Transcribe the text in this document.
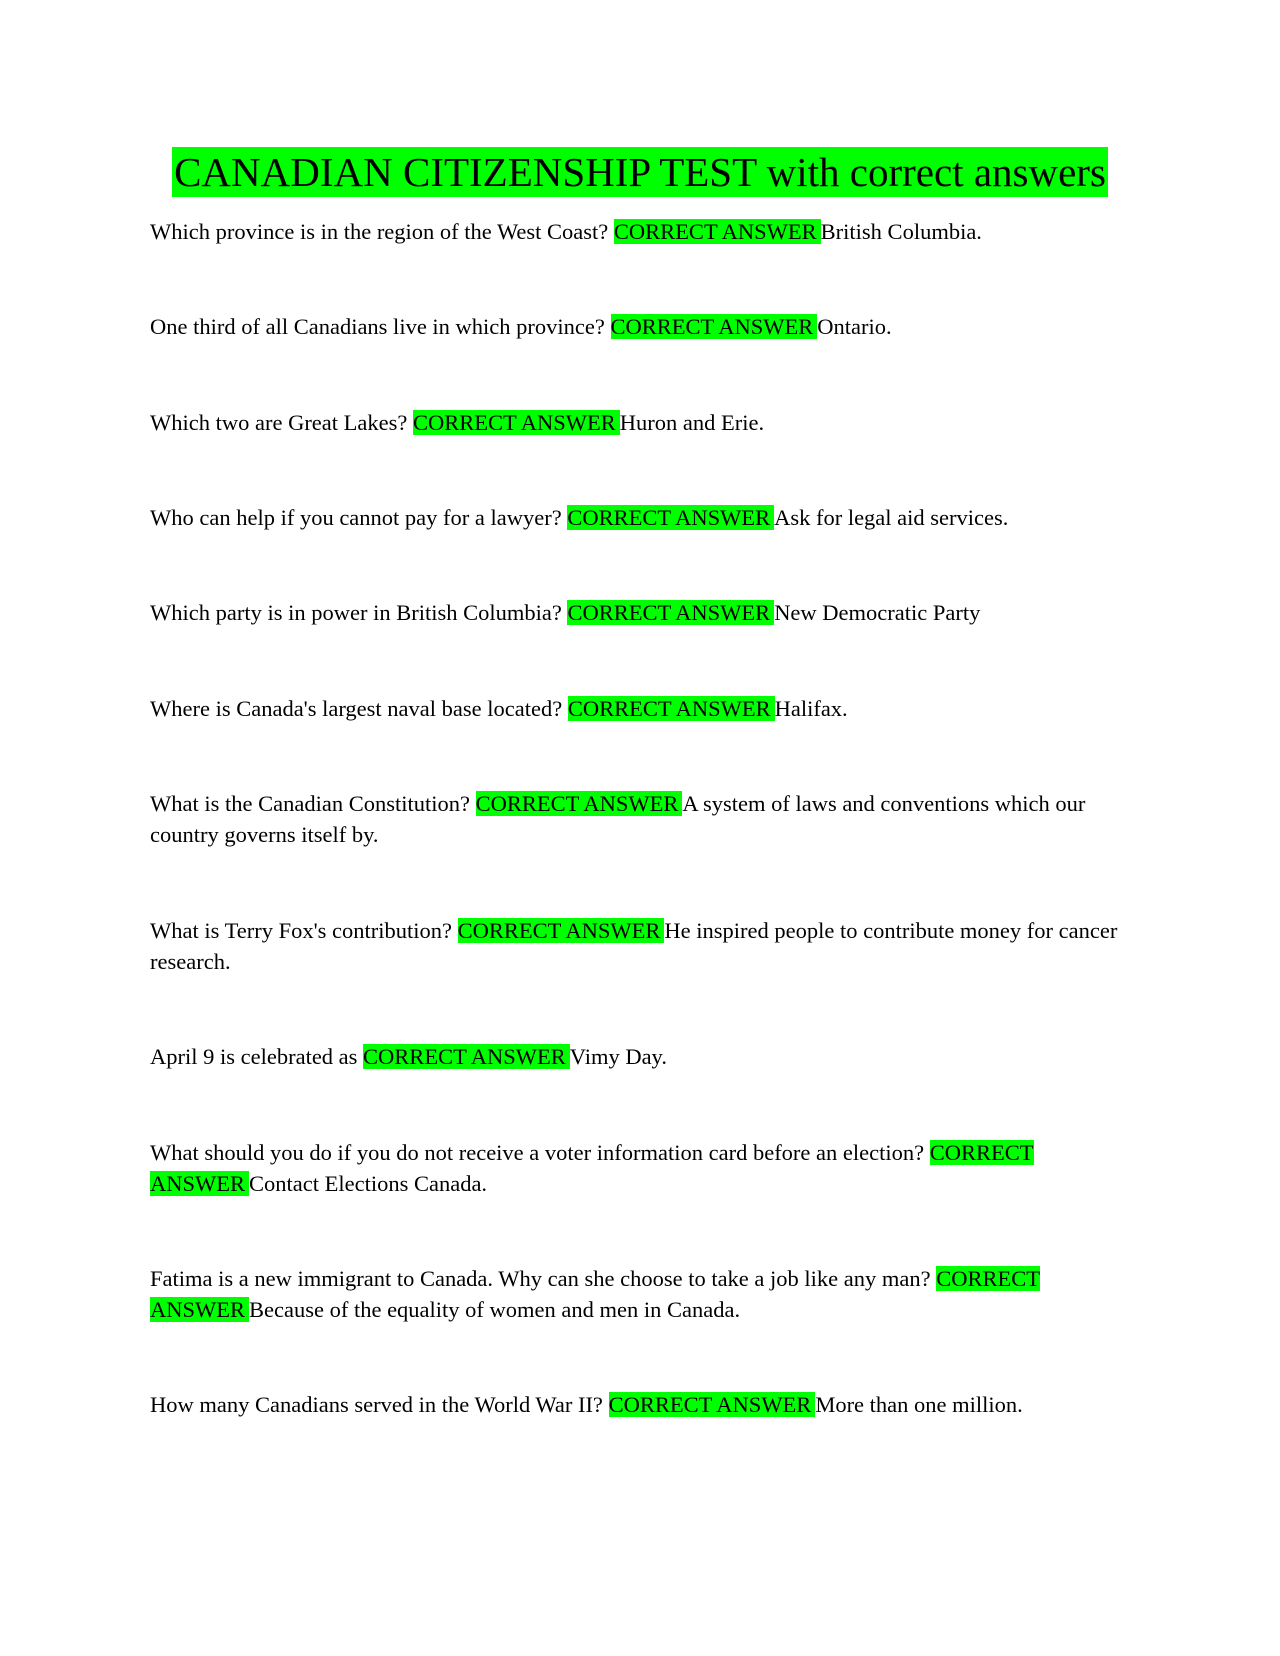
CANADIAN CITIZENSHIP TEST with correct answers

Which province is in the region of the West Coast? CORRECT ANSWER British Columbia.

One third of all Canadians live in which province? CORRECT ANSWER Ontario.

Which two are Great Lakes? CORRECT ANSWER Huron and Erie.

Who can help if you cannot pay for a lawyer? CORRECT ANSWER Ask for legal aid services.

Which party is in power in British Columbia? CORRECT ANSWER New Democratic Party

Where is Canada's largest naval base located? CORRECT ANSWER Halifax.

What is the Canadian Constitution? CORRECT ANSWER A system of laws and conventions which our country governs itself by.

What is Terry Fox's contribution? CORRECT ANSWER He inspired people to contribute money for cancer research.

April 9 is celebrated as CORRECT ANSWER Vimy Day.

What should you do if you do not receive a voter information card before an election? CORRECT ANSWER Contact Elections Canada.

Fatima is a new immigrant to Canada. Why can she choose to take a job like any man? CORRECT ANSWER Because of the equality of women and men in Canada.

How many Canadians served in the World War II? CORRECT ANSWER More than one million.
